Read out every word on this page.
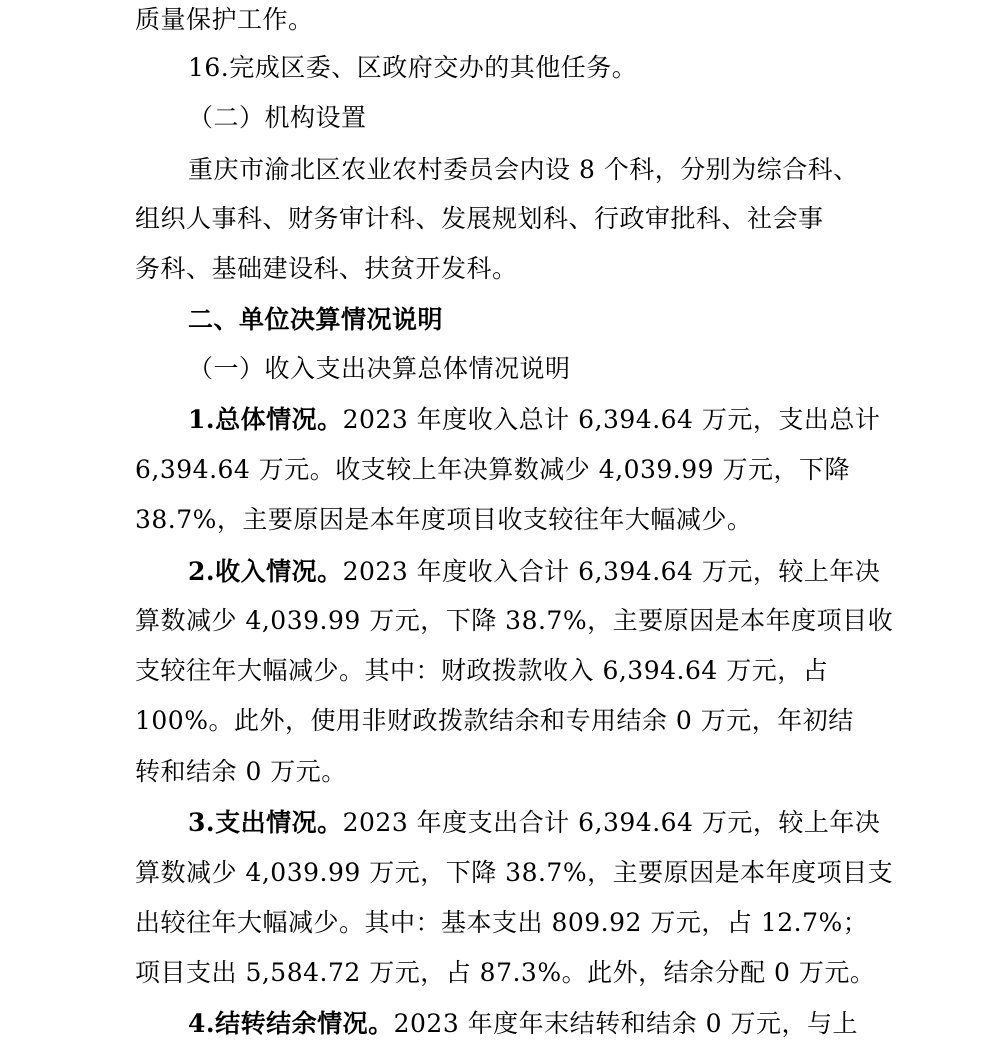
质量保护工作。
16.完成区委、区政府交办的其他任务。
（二）机构设置
重庆市渝北区农业农村委员会内设 8 个科，分别为综合科、
组织人事科、财务审计科、发展规划科、行政审批科、社会事
务科、基础建设科、扶贫开发科。
二、单位决算情况说明
（一）收入支出决算总体情况说明
1.总体情况。2023 年度收入总计 6,394.64 万元，支出总计
6,394.64 万元。收支较上年决算数减少 4,039.99 万元，下降
38.7%，主要原因是本年度项目收支较往年大幅减少。
2.收入情况。2023 年度收入合计 6,394.64 万元，较上年决
算数减少 4,039.99 万元，下降 38.7%，主要原因是本年度项目收
支较往年大幅减少。其中：财政拨款收入 6,394.64 万元，占
100%。此外，使用非财政拨款结余和专用结余 0 万元，年初结
转和结余 0 万元。
3.支出情况。2023 年度支出合计 6,394.64 万元，较上年决
算数减少 4,039.99 万元，下降 38.7%，主要原因是本年度项目支
出较往年大幅减少。其中：基本支出 809.92 万元，占 12.7%；
项目支出 5,584.72 万元，占 87.3%。此外，结余分配 0 万元。
4.结转结余情况。2023 年度年末结转和结余 0 万元，与上
